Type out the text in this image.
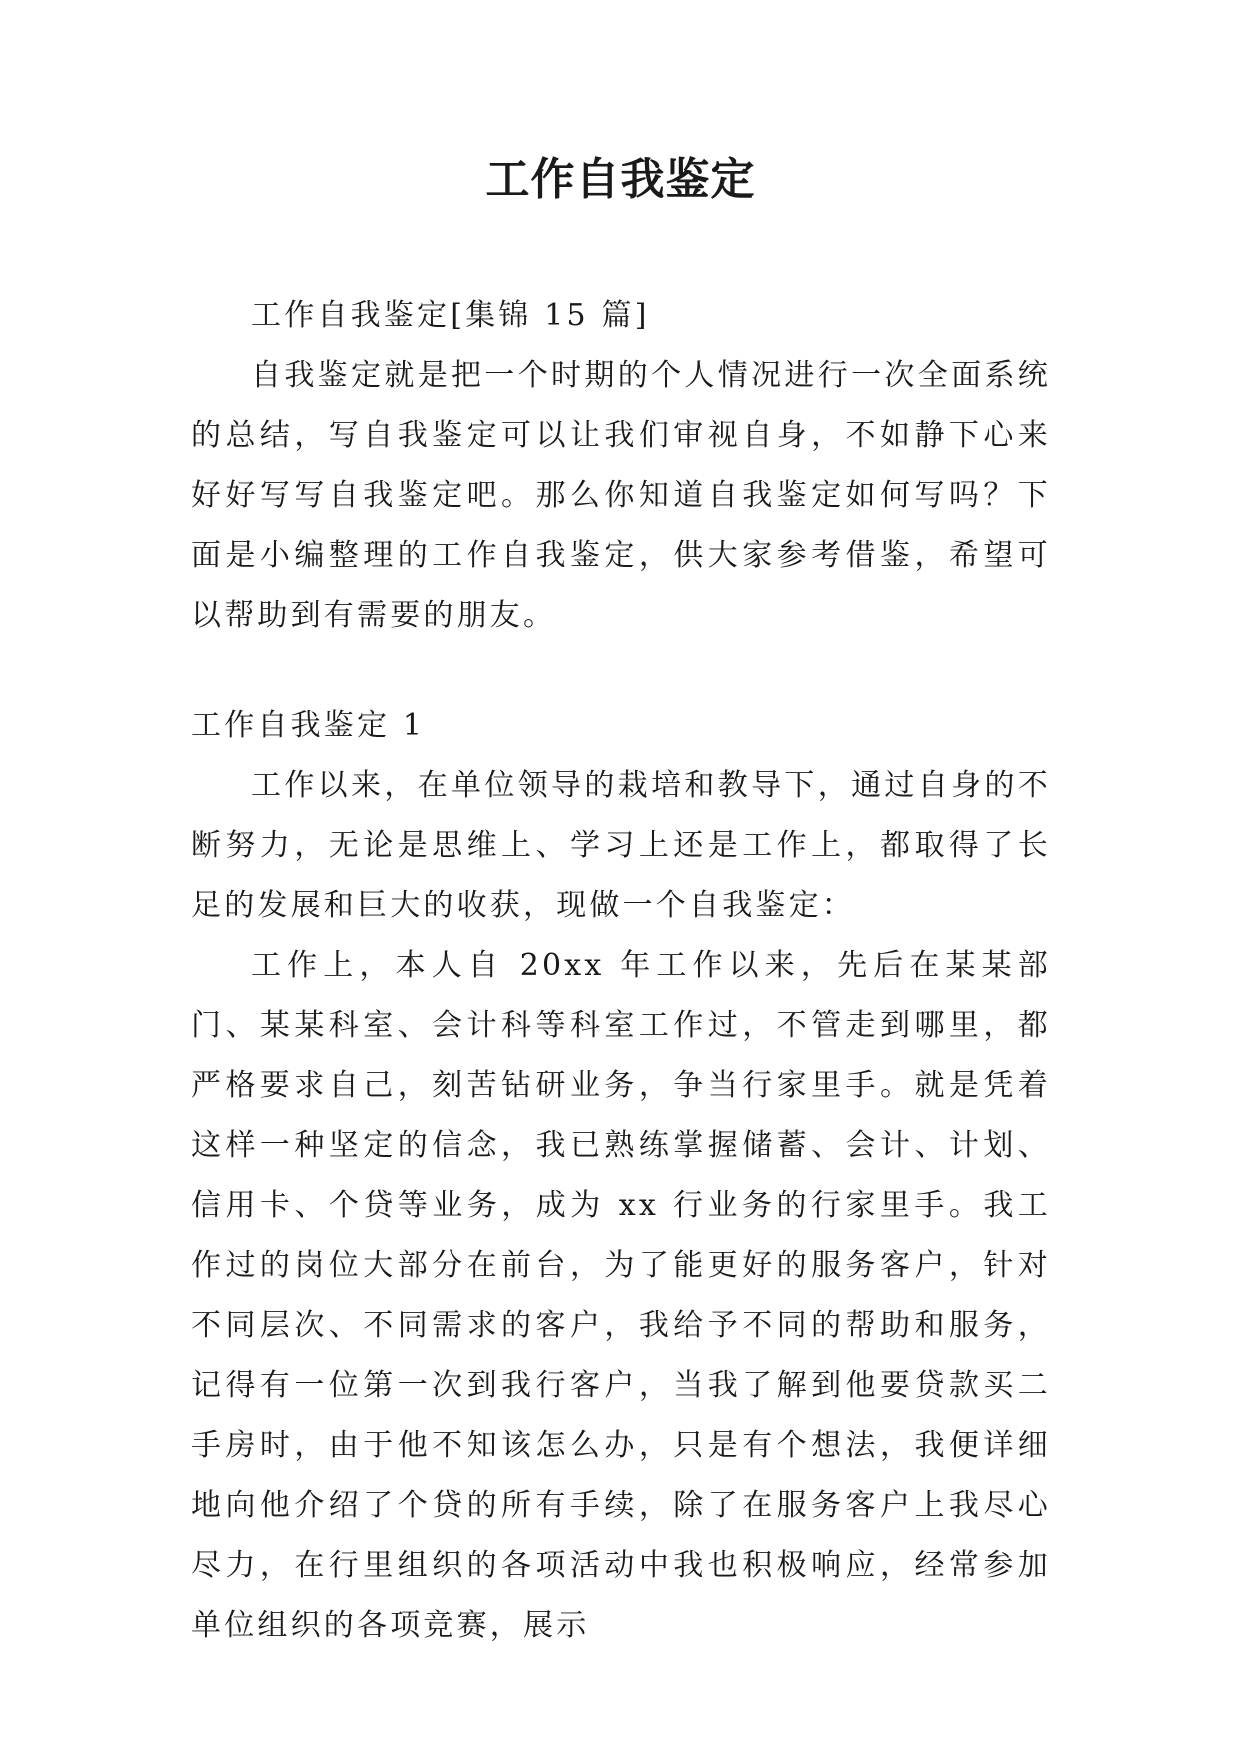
工作自我鉴定

工作自我鉴定[集锦 15 篇]

自我鉴定就是把一个时期的个人情况进行一次全面系统的总结，写自我鉴定可以让我们审视自身，不如静下心来好好写写自我鉴定吧。那么你知道自我鉴定如何写吗？下面是小编整理的工作自我鉴定，供大家参考借鉴，希望可以帮助到有需要的朋友。

工作自我鉴定 1

工作以来，在单位领导的栽培和教导下，通过自身的不断努力，无论是思维上、学习上还是工作上，都取得了长足的发展和巨大的收获，现做一个自我鉴定：

工作上，本人自 20xx 年工作以来，先后在某某部门、某某科室、会计科等科室工作过，不管走到哪里，都严格要求自己，刻苦钻研业务，争当行家里手。就是凭着这样一种坚定的信念，我已熟练掌握储蓄、会计、计划、信用卡、个贷等业务，成为 xx 行业务的行家里手。我工作过的岗位大部分在前台，为了能更好的服务客户，针对不同层次、不同需求的客户，我给予不同的帮助和服务，记得有一位第一次到我行客户，当我了解到他要贷款买二手房时，由于他不知该怎么办，只是有个想法，我便详细地向他介绍了个贷的所有手续，除了在服务客户上我尽心尽力，在行里组织的各项活动中我也积极响应，经常参加单位组织的各项竞赛，展示
